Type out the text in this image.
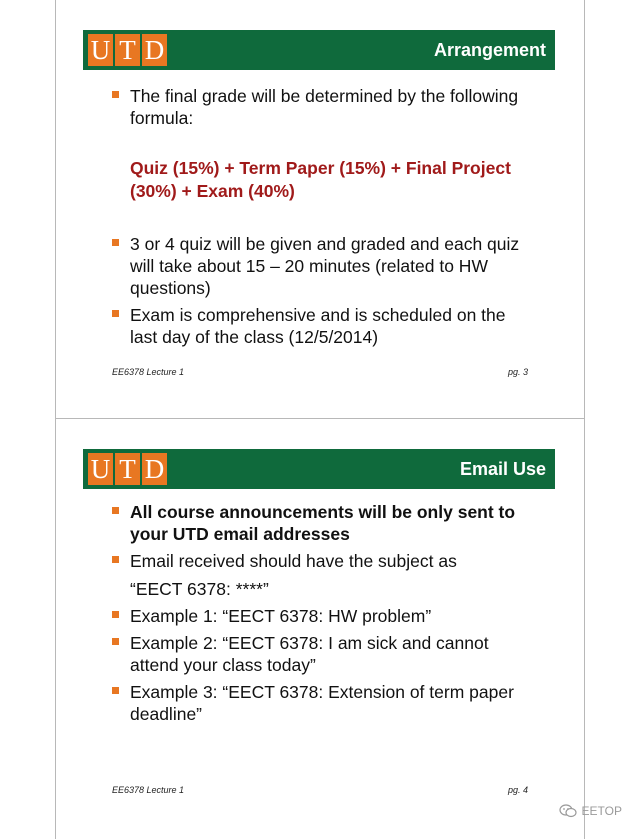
U T D	Arrangement
The final grade will be determined by the following formula:
Quiz (15%) + Term Paper (15%) + Final Project (30%) + Exam (40%)
3 or 4 quiz will be given and graded and each quiz will take about 15 – 20 minutes (related to HW questions)
Exam is comprehensive and is scheduled on the last day of the class (12/5/2014)
EE6378 Lecture 1	pg. 3
U T D	Email Use
All course announcements will be only sent to your UTD email addresses
Email received should have the subject as
“EECT 6378: ****”
Example 1: “EECT 6378: HW problem”
Example 2: “EECT 6378: I am sick and cannot attend your class today”
Example 3: “EECT 6378: Extension of term paper deadline”
EE6378 Lecture 1	pg. 4
EETOP
